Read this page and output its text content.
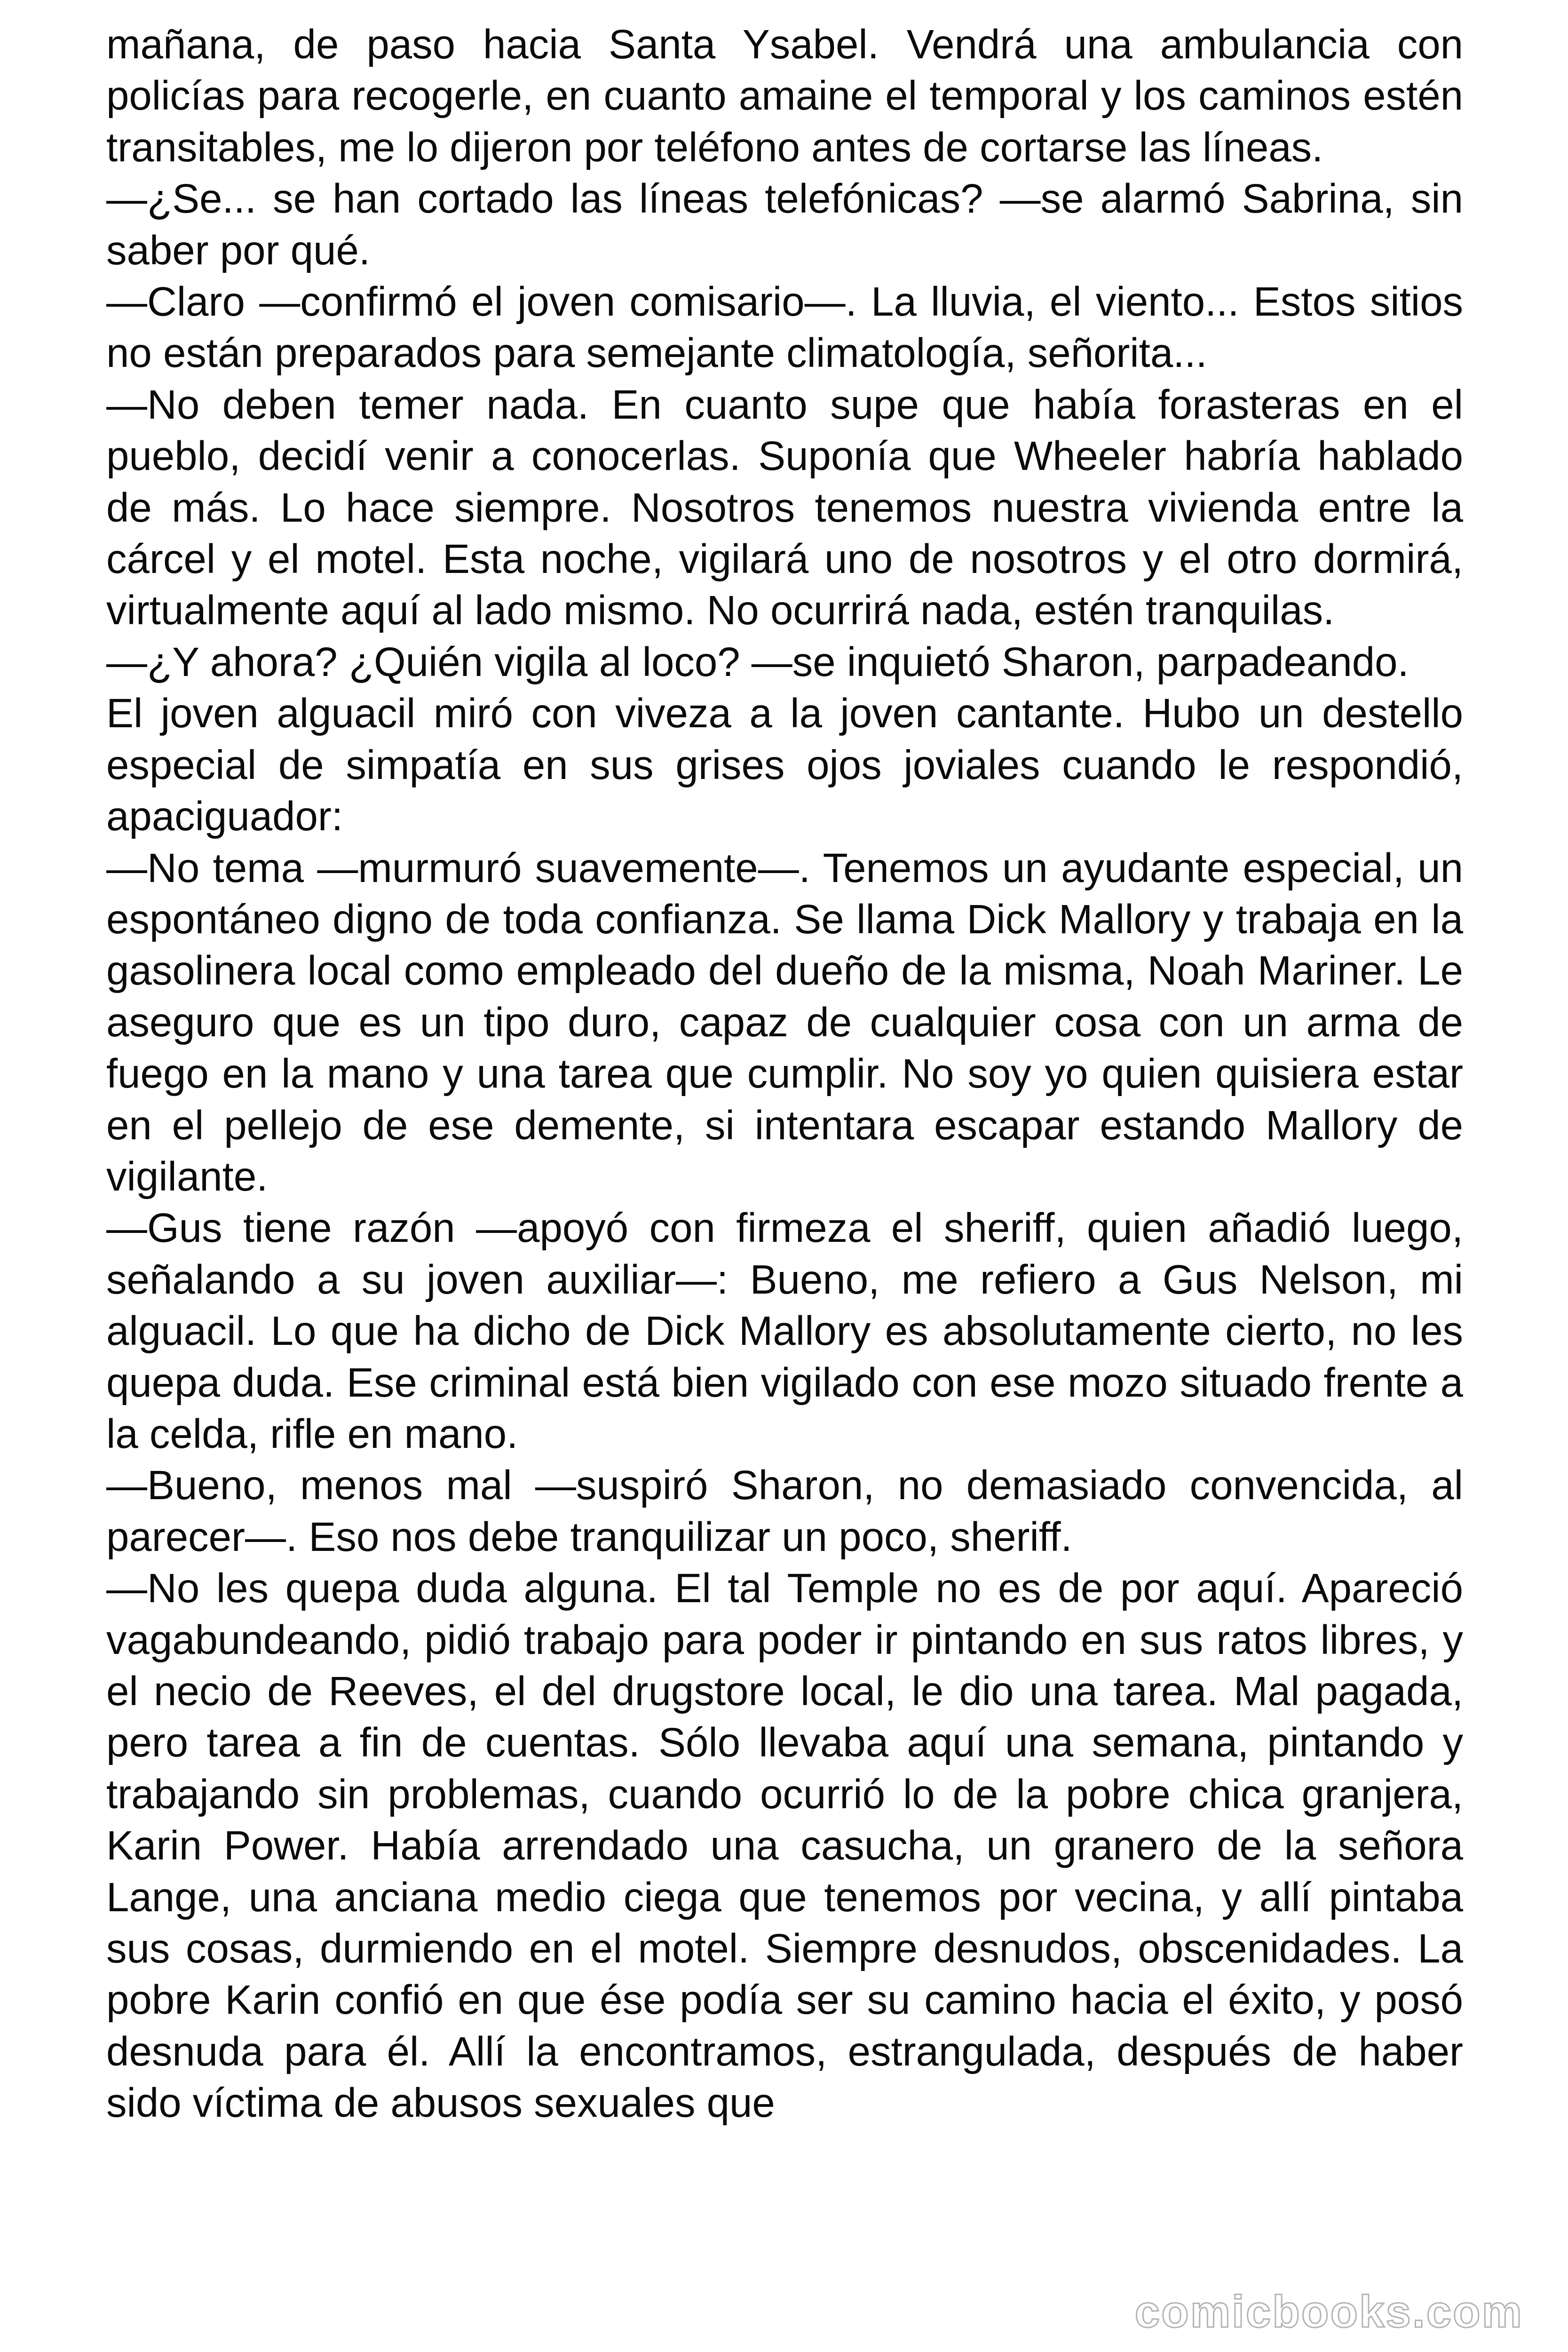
mañana, de paso hacia Santa Ysabel. Vendrá una ambulancia con policías para recogerle, en cuanto amaine el temporal y los caminos estén transitables, me lo dijeron por teléfono antes de cortarse las líneas.

—¿Se... se han cortado las líneas telefónicas? —se alarmó Sabrina, sin saber por qué.

—Claro —confirmó el joven comisario—. La lluvia, el viento... Estos sitios no están preparados para semejante climatología, señorita...

—No deben temer nada. En cuanto supe que había forasteras en el pueblo, decidí venir a conocerlas. Suponía que Wheeler habría hablado de más. Lo hace siempre. Nosotros tenemos nuestra vivienda entre la cárcel y el motel. Esta noche, vigilará uno de nosotros y el otro dormirá, virtualmente aquí al lado mismo. No ocurrirá nada, estén tranquilas.

—¿Y ahora? ¿Quién vigila al loco? —se inquietó Sharon, parpadeando.

El joven alguacil miró con viveza a la joven cantante. Hubo un destello especial de simpatía en sus grises ojos joviales cuando le respondió, apaciguador:

—No tema —murmuró suavemente—. Tenemos un ayudante especial, un espontáneo digno de toda confianza. Se llama Dick Mallory y trabaja en la gasolinera local como empleado del dueño de la misma, Noah Mariner. Le aseguro que es un tipo duro, capaz de cualquier cosa con un arma de fuego en la mano y una tarea que cumplir. No soy yo quien quisiera estar en el pellejo de ese demente, si intentara escapar estando Mallory de vigilante.

—Gus tiene razón —apoyó con firmeza el sheriff, quien añadió luego, señalando a su joven auxiliar—: Bueno, me refiero a Gus Nelson, mi alguacil. Lo que ha dicho de Dick Mallory es absolutamente cierto, no les quepa duda. Ese criminal está bien vigilado con ese mozo situado frente a la celda, rifle en mano.

—Bueno, menos mal —suspiró Sharon, no demasiado convencida, al parecer—. Eso nos debe tranquilizar un poco, sheriff.

—No les quepa duda alguna. El tal Temple no es de por aquí. Apareció vagabundeando, pidió trabajo para poder ir pintando en sus ratos libres, y el necio de Reeves, el del drugstore local, le dio una tarea. Mal pagada, pero tarea a fin de cuentas. Sólo llevaba aquí una semana, pintando y trabajando sin problemas, cuando ocurrió lo de la pobre chica granjera, Karin Power. Había arrendado una casucha, un granero de la señora Lange, una anciana medio ciega que tenemos por vecina, y allí pintaba sus cosas, durmiendo en el motel. Siempre desnudos, obscenidades. La pobre Karin confió en que ése podía ser su camino hacia el éxito, y posó desnuda para él. Allí la encontramos, estrangulada, después de haber sido víctima de abusos sexuales que

comicbooks.com
